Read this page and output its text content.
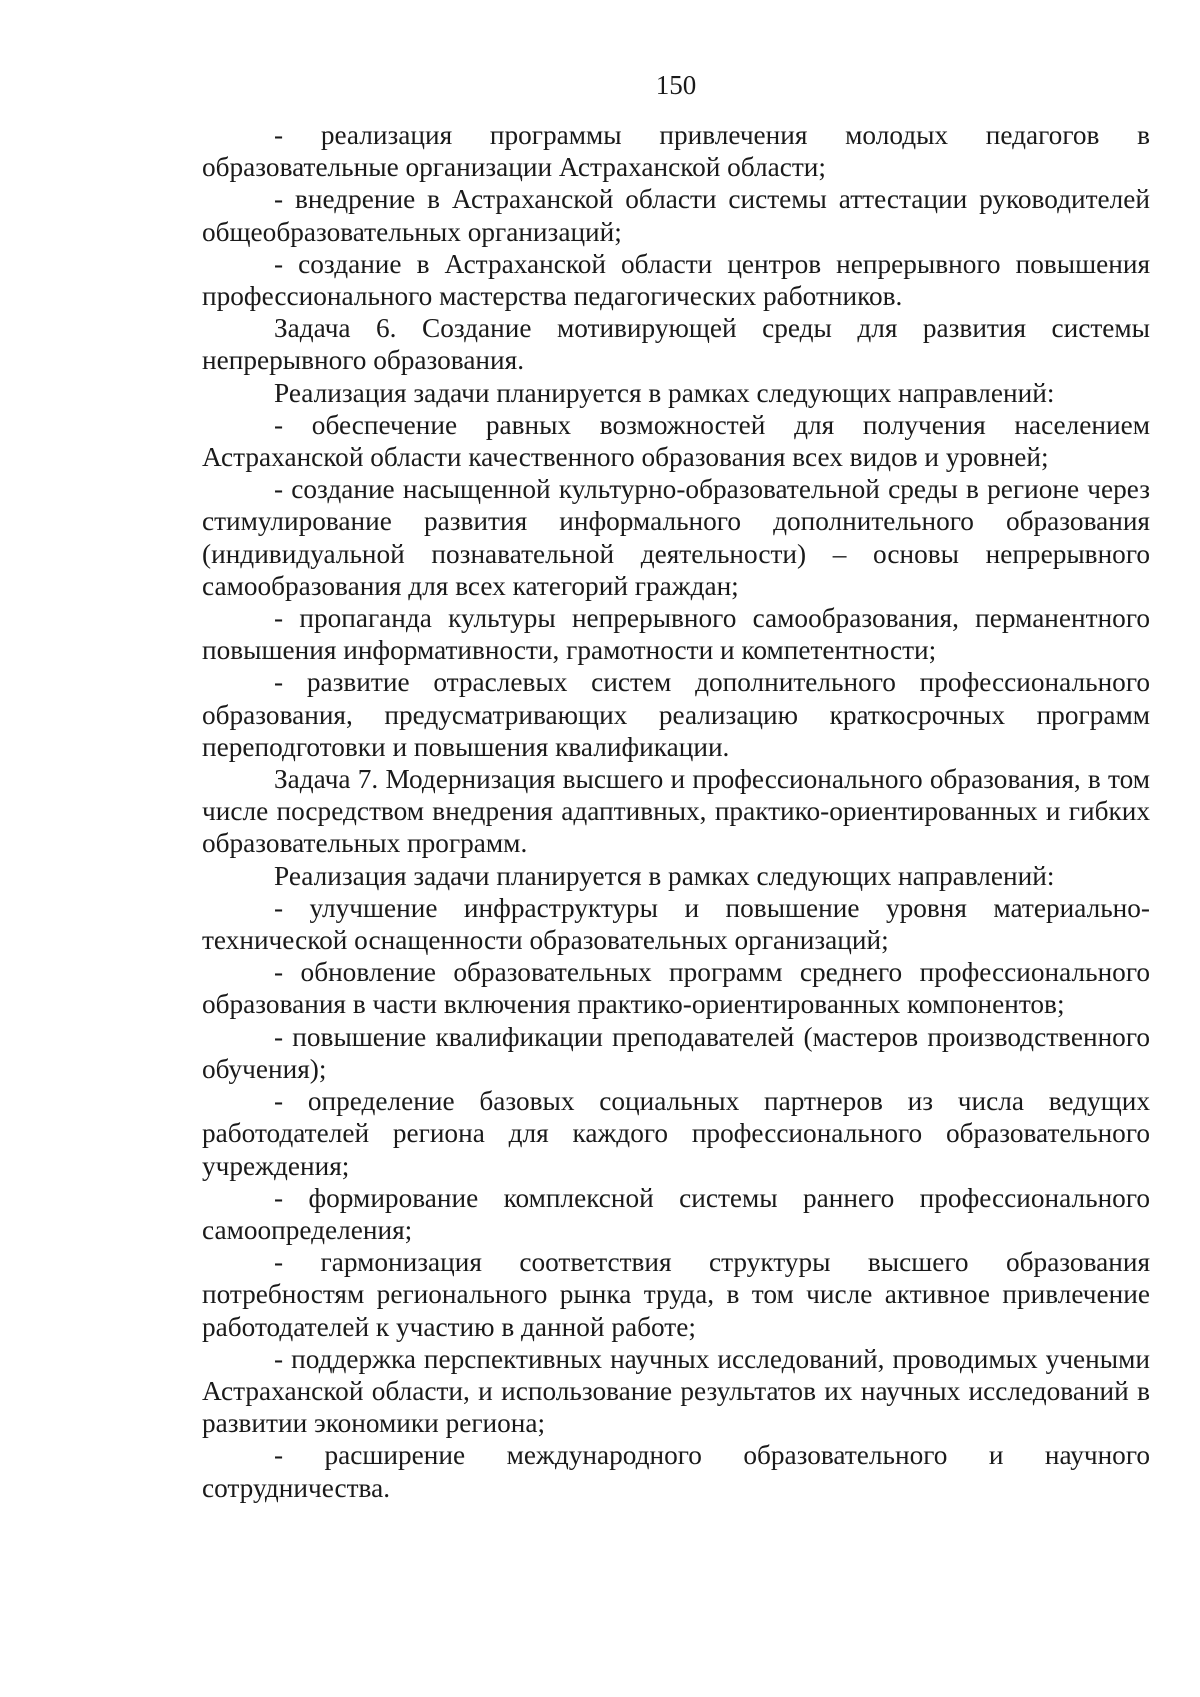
150

- реализация программы привлечения молодых педагогов в образовательные организации Астраханской области;

- внедрение в Астраханской области системы аттестации руководителей общеобразовательных организаций;

- создание в Астраханской области центров непрерывного повышения профессионального мастерства педагогических работников.

Задача 6. Создание мотивирующей среды для развития системы непрерывного образования.

Реализация задачи планируется в рамках следующих направлений:

- обеспечение равных возможностей для получения населением Астраханской области качественного образования всех видов и уровней;

- создание насыщенной культурно-образовательной среды в регионе через стимулирование развития информального дополнительного образования (индивидуальной познавательной деятельности) – основы непрерывного самообразования для всех категорий граждан;

- пропаганда культуры непрерывного самообразования, перманентного повышения информативности, грамотности и компетентности;

- развитие отраслевых систем дополнительного профессионального образования, предусматривающих реализацию краткосрочных программ переподготовки и повышения квалификации.

Задача 7. Модернизация высшего и профессионального образования, в том числе посредством внедрения адаптивных, практико-ориентированных и гибких образовательных программ.

Реализация задачи планируется в рамках следующих направлений:

- улучшение инфраструктуры и повышение уровня материально-технической оснащенности образовательных организаций;

- обновление образовательных программ среднего профессионального образования в части включения практико-ориентированных компонентов;

- повышение квалификации преподавателей (мастеров производственного обучения);

- определение базовых социальных партнеров из числа ведущих работодателей региона для каждого профессионального образовательного учреждения;

- формирование комплексной системы раннего профессионального самоопределения;

- гармонизация соответствия структуры высшего образования потребностям регионального рынка труда, в том числе активное привлечение работодателей к участию в данной работе;

- поддержка перспективных научных исследований, проводимых учеными Астраханской области, и использование результатов их научных исследований в развитии экономики региона;

- расширение международного образовательного и научного сотрудничества.
